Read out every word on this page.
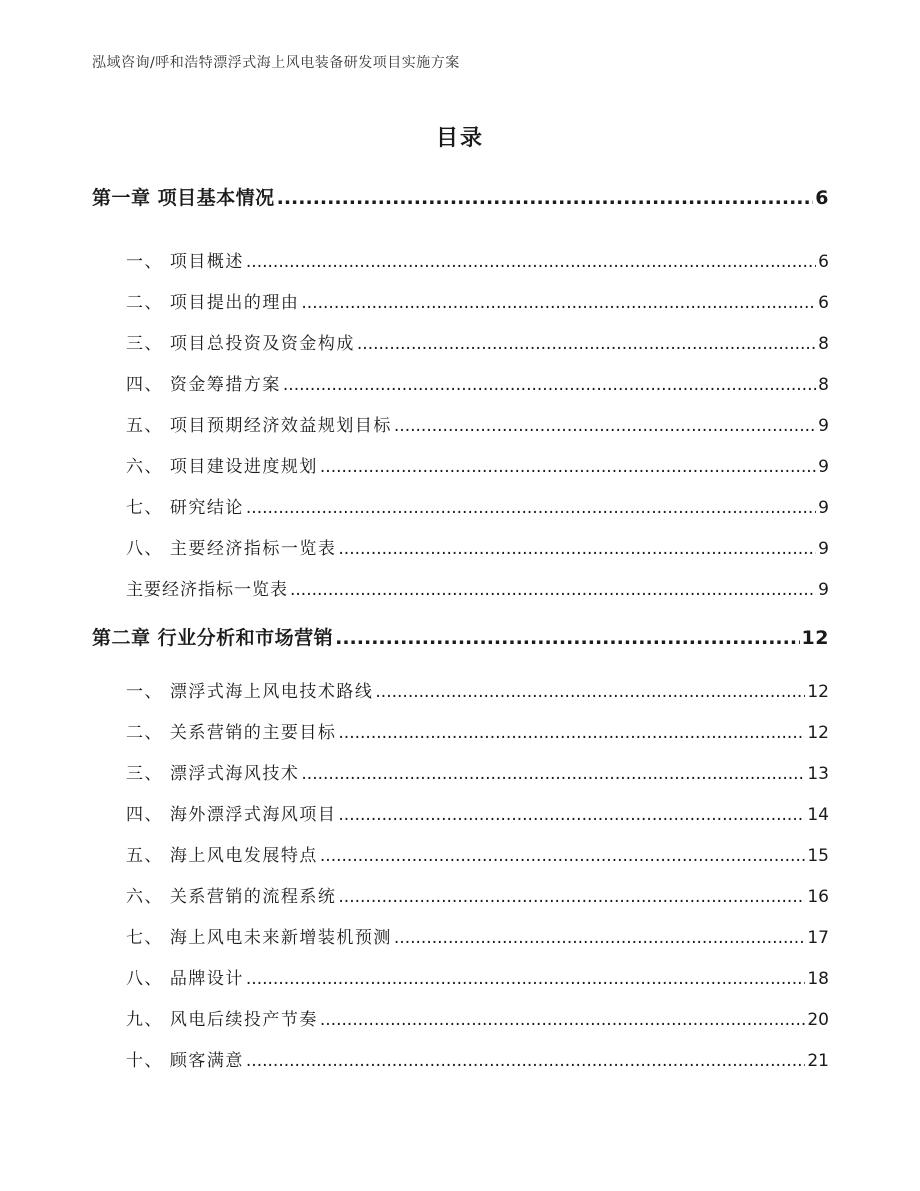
泓域咨询/呼和浩特漂浮式海上风电装备研发项目实施方案
目录
第一章 项目基本情况 .....	6
一、 项目概述 .....	6
二、 项目提出的理由 .....	6
三、 项目总投资及资金构成 .....	8
四、 资金筹措方案 .....	8
五、 项目预期经济效益规划目标 .....	9
六、 项目建设进度规划 .....	9
七、 研究结论 .....	9
八、 主要经济指标一览表 .....	9
主要经济指标一览表 .....	9
第二章 行业分析和市场营销 .....	12
一、 漂浮式海上风电技术路线 .....	12
二、 关系营销的主要目标 .....	12
三、 漂浮式海风技术 .....	13
四、 海外漂浮式海风项目 .....	14
五、 海上风电发展特点 .....	15
六、 关系营销的流程系统 .....	16
七、 海上风电未来新增装机预测 .....	17
八、 品牌设计 .....	18
九、 风电后续投产节奏 .....	20
十、 顾客满意 .....	21
